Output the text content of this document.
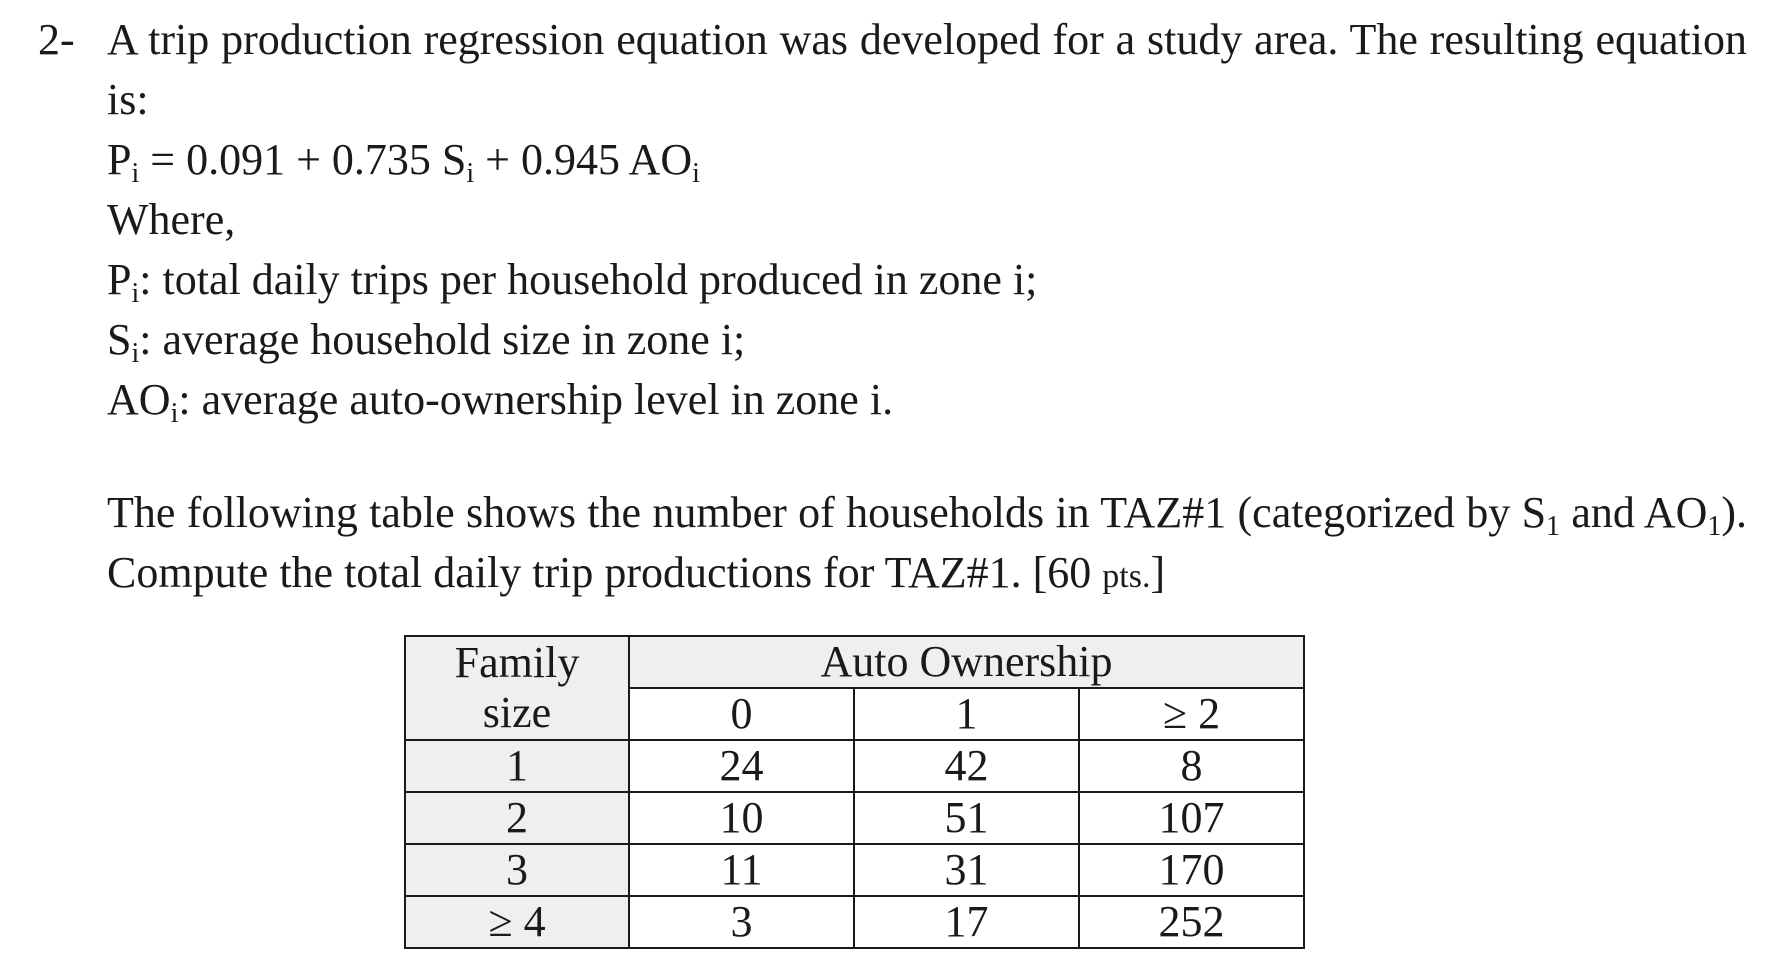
2- A trip production regression equation was developed for a study area. The resulting equation is:
$P_i = 0.091 + 0.735$ $S_i + 0.945$ $AO_i$
Where,
$P_i$: total daily trips per household produced in zone i;
$S_i$: average household size in zone i;
$AO_i$: average auto-ownership level in zone i.
The following table shows the number of households in TAZ#1 (categorized by $S_1$ and $AO_1$). Compute the total daily trip productions for TAZ#1. [60 pts.]
Family
size	Auto Ownership		
	0	1	≥ 2
1	24	42	8
2	10	51	107
3	11	31	170
≥ 4	3	17	252
